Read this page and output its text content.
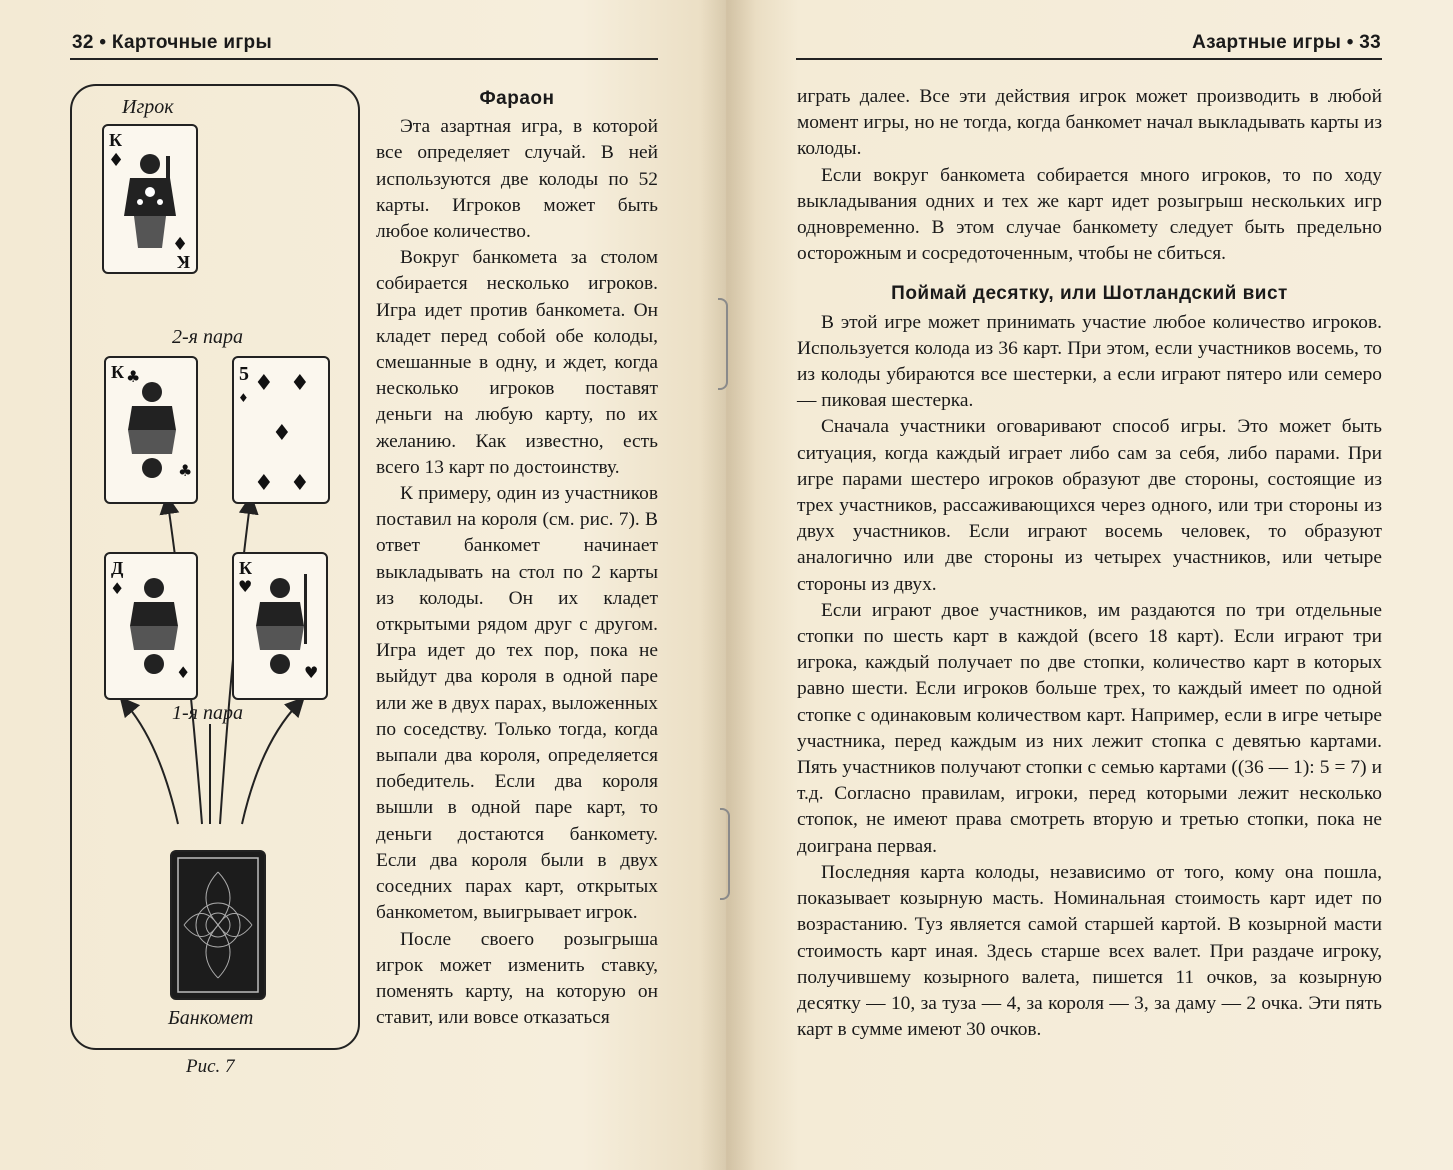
32 • Карточные игры	Азартные игры • 33
Игрок
2-я пара
1-я пара
Банкомет
Рис. 7
К
♦
♦
К
К ♣
♣
5 ♦ ♦
♦
♦ ♦
♦
Д
♦
♦
К
♥
♥
Фараон

Эта азартная игра, в которой все определяет случай. В ней используются две колоды по 52 карты. Игроков может быть любое количество.

Вокруг банкомета за столом собирается несколько игроков. Игра идет против банкомета. Он кладет перед собой обе колоды, смешанные в одну, и ждет, когда несколько игроков поставят деньги на любую карту, по их желанию. Как известно, есть всего 13 карт по достоинству.

К примеру, один из участников поставил на короля (см. рис. 7). В ответ банкомет начинает выкладывать на стол по 2 карты из колоды. Он их кладет открытыми рядом друг с другом. Игра идет до тех пор, пока не выйдут два короля в одной паре или же в двух парах, выложенных по соседству. Только тогда, когда выпали два короля, определяется победитель. Если два короля вышли в одной паре карт, то деньги достаются банкомету. Если два короля были в двух соседних парах карт, открытых банкометом, выигрывает игрок.

После своего розыгрыша игрок может изменить ставку, поменять карту, на которую он ставит, или вовсе отказаться

играть далее. Все эти действия игрок может производить в любой момент игры, но не тогда, когда банкомет начал выкладывать карты из колоды.

Если вокруг банкомета собирается много игроков, то по ходу выкладывания одних и тех же карт идет розыгрыш нескольких игр одновременно. В этом случае банкомету следует быть предельно осторожным и сосредоточенным, чтобы не сбиться.

Поймай десятку, или Шотландский вист

В этой игре может принимать участие любое количество игроков. Используется колода из 36 карт. При этом, если участников восемь, то из колоды убираются все шестерки, а если играют пятеро или семеро — пиковая шестерка.

Сначала участники оговаривают способ игры. Это может быть ситуация, когда каждый играет либо сам за себя, либо парами. При игре парами шестеро игроков образуют две стороны, состоящие из трех участников, рассаживающихся через одного, или три стороны из двух участников. Если играют восемь человек, то образуют аналогично или две стороны из четырех участников, или четыре стороны из двух.

Если играют двое участников, им раздаются по три отдельные стопки по шесть карт в каждой (всего 18 карт). Если играют три игрока, каждый получает по две стопки, количество карт в которых равно шести. Если игроков больше трех, то каждый имеет по одной стопке с одинаковым количеством карт. Например, если в игре четыре участника, перед каждым из них лежит стопка с девятью картами. Пять участников получают стопки с семью картами ((36 — 1): 5 = 7) и т.д. Согласно правилам, игроки, перед которыми лежит несколько стопок, не имеют права смотреть вторую и третью стопки, пока не доиграна первая.

Последняя карта колоды, независимо от того, кому она пошла, показывает козырную масть. Номинальная стоимость карт идет по возрастанию. Туз является самой старшей картой. В козырной масти стоимость карт иная. Здесь старше всех валет. При раздаче игроку, получившему козырного валета, пишется 11 очков, за козырную десятку — 10, за туза — 4, за короля — 3, за даму — 2 очка. Эти пять карт в сумме имеют 30 очков.
